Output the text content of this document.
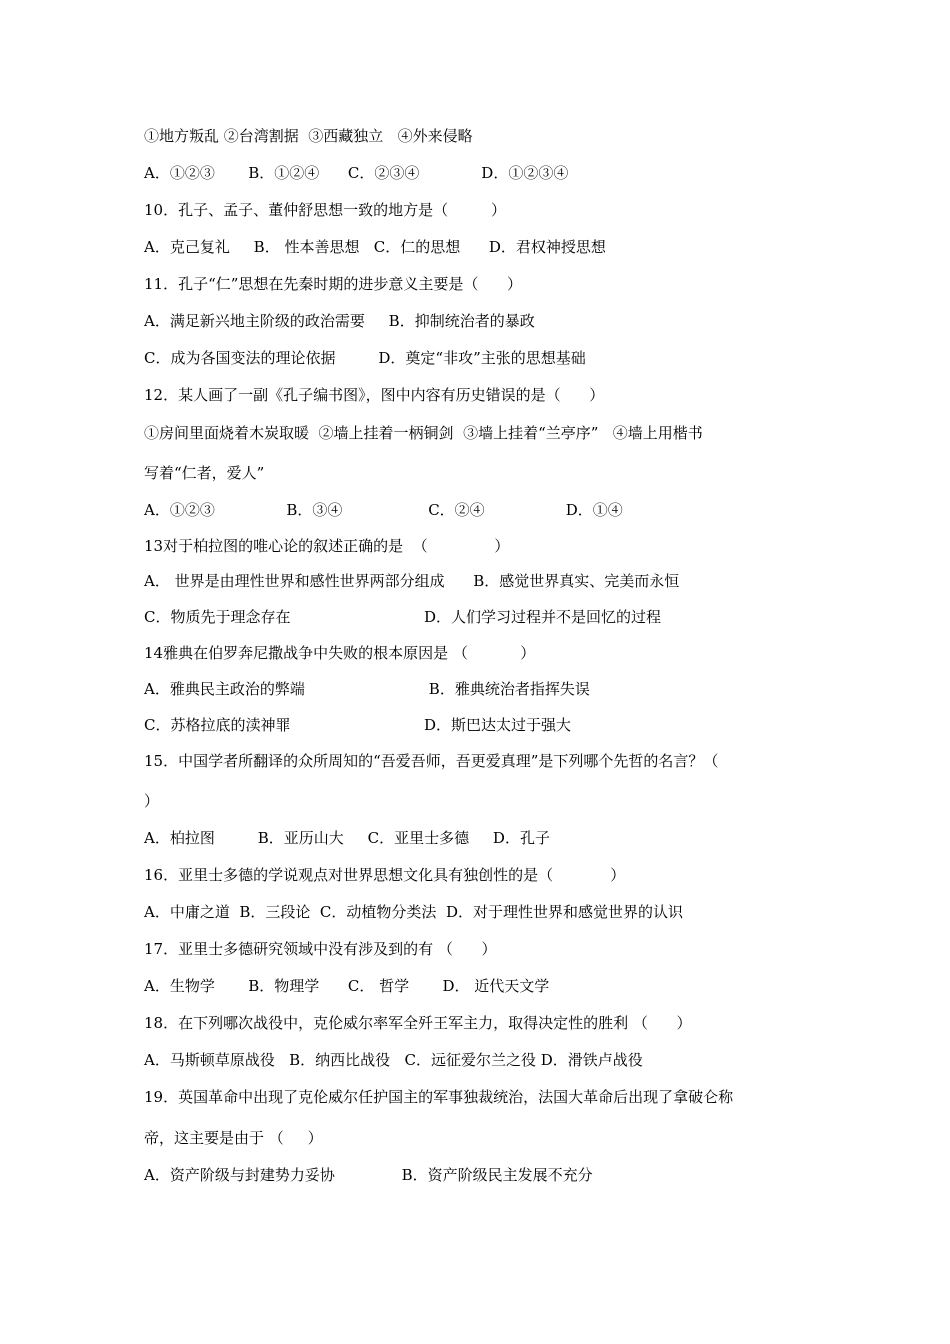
①地方叛乱 ②台湾割据  ③西藏独立   ④外来侵略
A．①②③       B．①②④      C．②③④             D．①②③④
10．孔子、孟子、董仲舒思想一致的地方是（         ）
A．克己复礼     B． 性本善思想   C．仁的思想      D．君权神授思想
11．孔子“仁”思想在先秦时期的进步意义主要是（      ）
A．满足新兴地主阶级的政治需要     B．抑制统治者的暴政
C．成为各国变法的理论依据         D．奠定“非攻”主张的思想基础
12．某人画了一副《孔子编书图》，图中内容有历史错误的是（      ）
①房间里面烧着木炭取暖  ②墙上挂着一柄铜剑  ③墙上挂着“兰亭序”   ④墙上用楷书
写着“仁者，爱人”
A．①②③               B．③④                  C．②④                 D．①④
13对于柏拉图的唯心论的叙述正确的是  （              ）
A． 世界是由理性世界和感性世界两部分组成      B．感觉世界真实、完美而永恒
C．物质先于理念存在                            D．人们学习过程并不是回忆的过程
14雅典在伯罗奔尼撒战争中失败的根本原因是 （           ）
A．雅典民主政治的弊端                          B．雅典统治者指挥失误
C．苏格拉底的渎神罪                            D．斯巴达太过于强大
15．中国学者所翻译的众所周知的“吾爱吾师，吾更爱真理”是下列哪个先哲的名言？（
）
A．柏拉图         B．亚历山大     C．亚里士多德     D．孔子
16．亚里士多德的学说观点对世界思想文化具有独创性的是（            ）
A．中庸之道  B．三段论  C．动植物分类法  D．对于理性世界和感觉世界的认识
17．亚里士多德研究领域中没有涉及到的有 （      ）
A．生物学       B．物理学      C． 哲学       D． 近代天文学
18．在下列哪次战役中，克伦威尔率军全歼王军主力，取得决定性的胜利 （      ）
A．马斯顿草原战役   B．纳西比战役   C．远征爱尔兰之役 D．滑铁卢战役
19．英国革命中出现了克伦威尔任护国主的军事独裁统治，法国大革命后出现了拿破仑称
帝，这主要是由于 （     ）
A．资产阶级与封建势力妥协              B．资产阶级民主发展不充分
